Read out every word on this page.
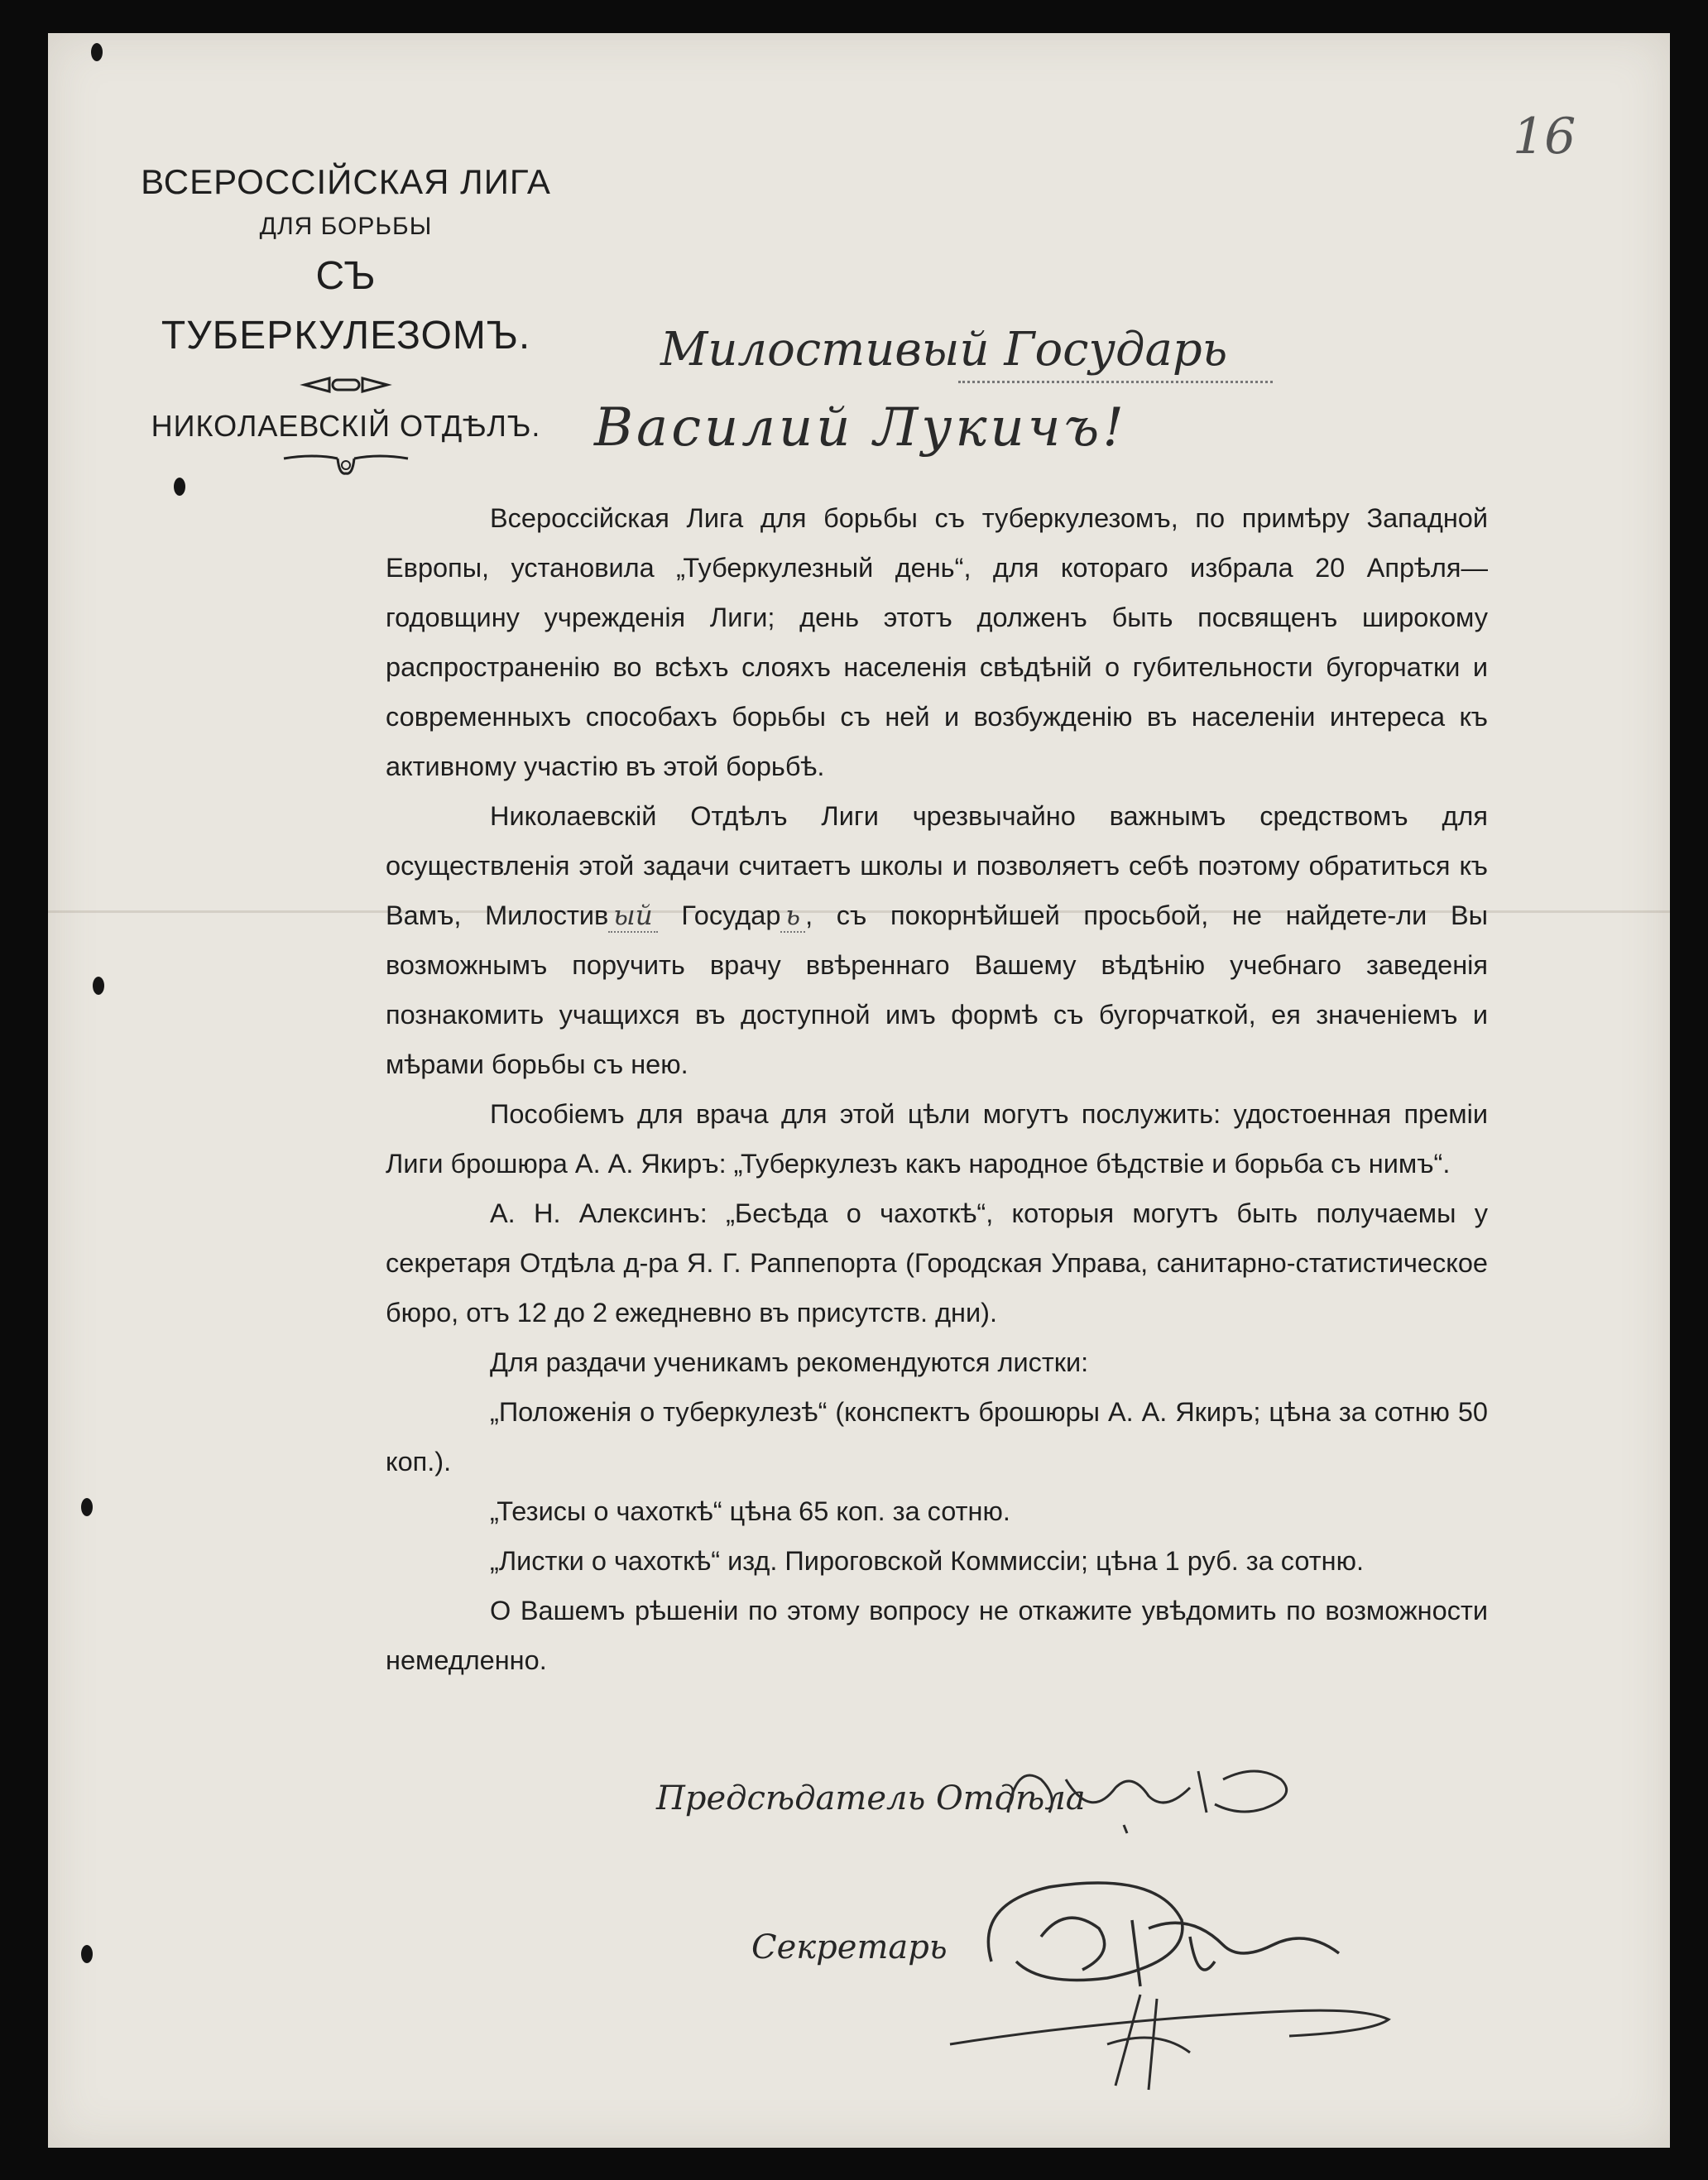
16
ВСЕРОССІЙСКАЯ ЛИГА
ДЛЯ БОРЬБЫ
СЪ ТУБЕРКУЛЕЗОМЪ.
НИКОЛАЕВСКІЙ ОТДѢЛЪ.
Милостивый Государь
Василий Лукичъ!

Всероссійская Лига для борьбы съ туберкулезомъ, по примѣру Западной Европы, установила „Туберкулезный день“, для котораго избрала 20 Апрѣля—годовщину учрежденія Лиги; день этотъ долженъ быть посвященъ широкому распространенію во всѣхъ слояхъ населенія свѣдѣній о губительности бугорчатки и современныхъ способахъ борьбы съ ней и возбужденію въ населеніи интереса къ активному участію въ этой борьбѣ.

Николаевскій Отдѣлъ Лиги чрезвычайно важнымъ средствомъ для осуществленія этой задачи считаетъ школы и позволяетъ себѣ поэтому обратиться къ Вамъ, Милостив ый Государ ь , съ покорнѣйшей просьбой, не найдете-ли Вы возможнымъ поручить врачу ввѣреннаго Вашему вѣдѣнію учебнаго заведенія познакомить учащихся въ доступной имъ формѣ съ бугорчаткой, ея значеніемъ и мѣрами борьбы съ нею.

Пособіемъ для врача для этой цѣли могутъ послужить: удостоенная преміи Лиги брошюра А. А. Якиръ: „Туберкулезъ какъ народное бѣдствіе и борьба съ нимъ“.

А. Н. Алексинъ: „Бесѣда о чахоткѣ“, которыя могутъ быть получаемы у секретаря Отдѣла д-ра Я. Г. Раппепорта (Городская Управа, санитарно-статистическое бюро, отъ 12 до 2 ежедневно въ присутств. дни).

Для раздачи ученикамъ рекомендуются листки:

„Положенія о туберкулезѣ“ (конспектъ брошюры А. А. Якиръ; цѣна за сотню 50 коп.).

„Тезисы о чахоткѣ“ цѣна 65 коп. за сотню.

„Листки о чахоткѣ“ изд. Пироговской Коммиссіи; цѣна 1 руб. за сотню.

О Вашемъ рѣшеніи по этому вопросу не откажите увѣдомить по возможности немедленно.

Предсѣдатель Отдѣла
Секретарь
